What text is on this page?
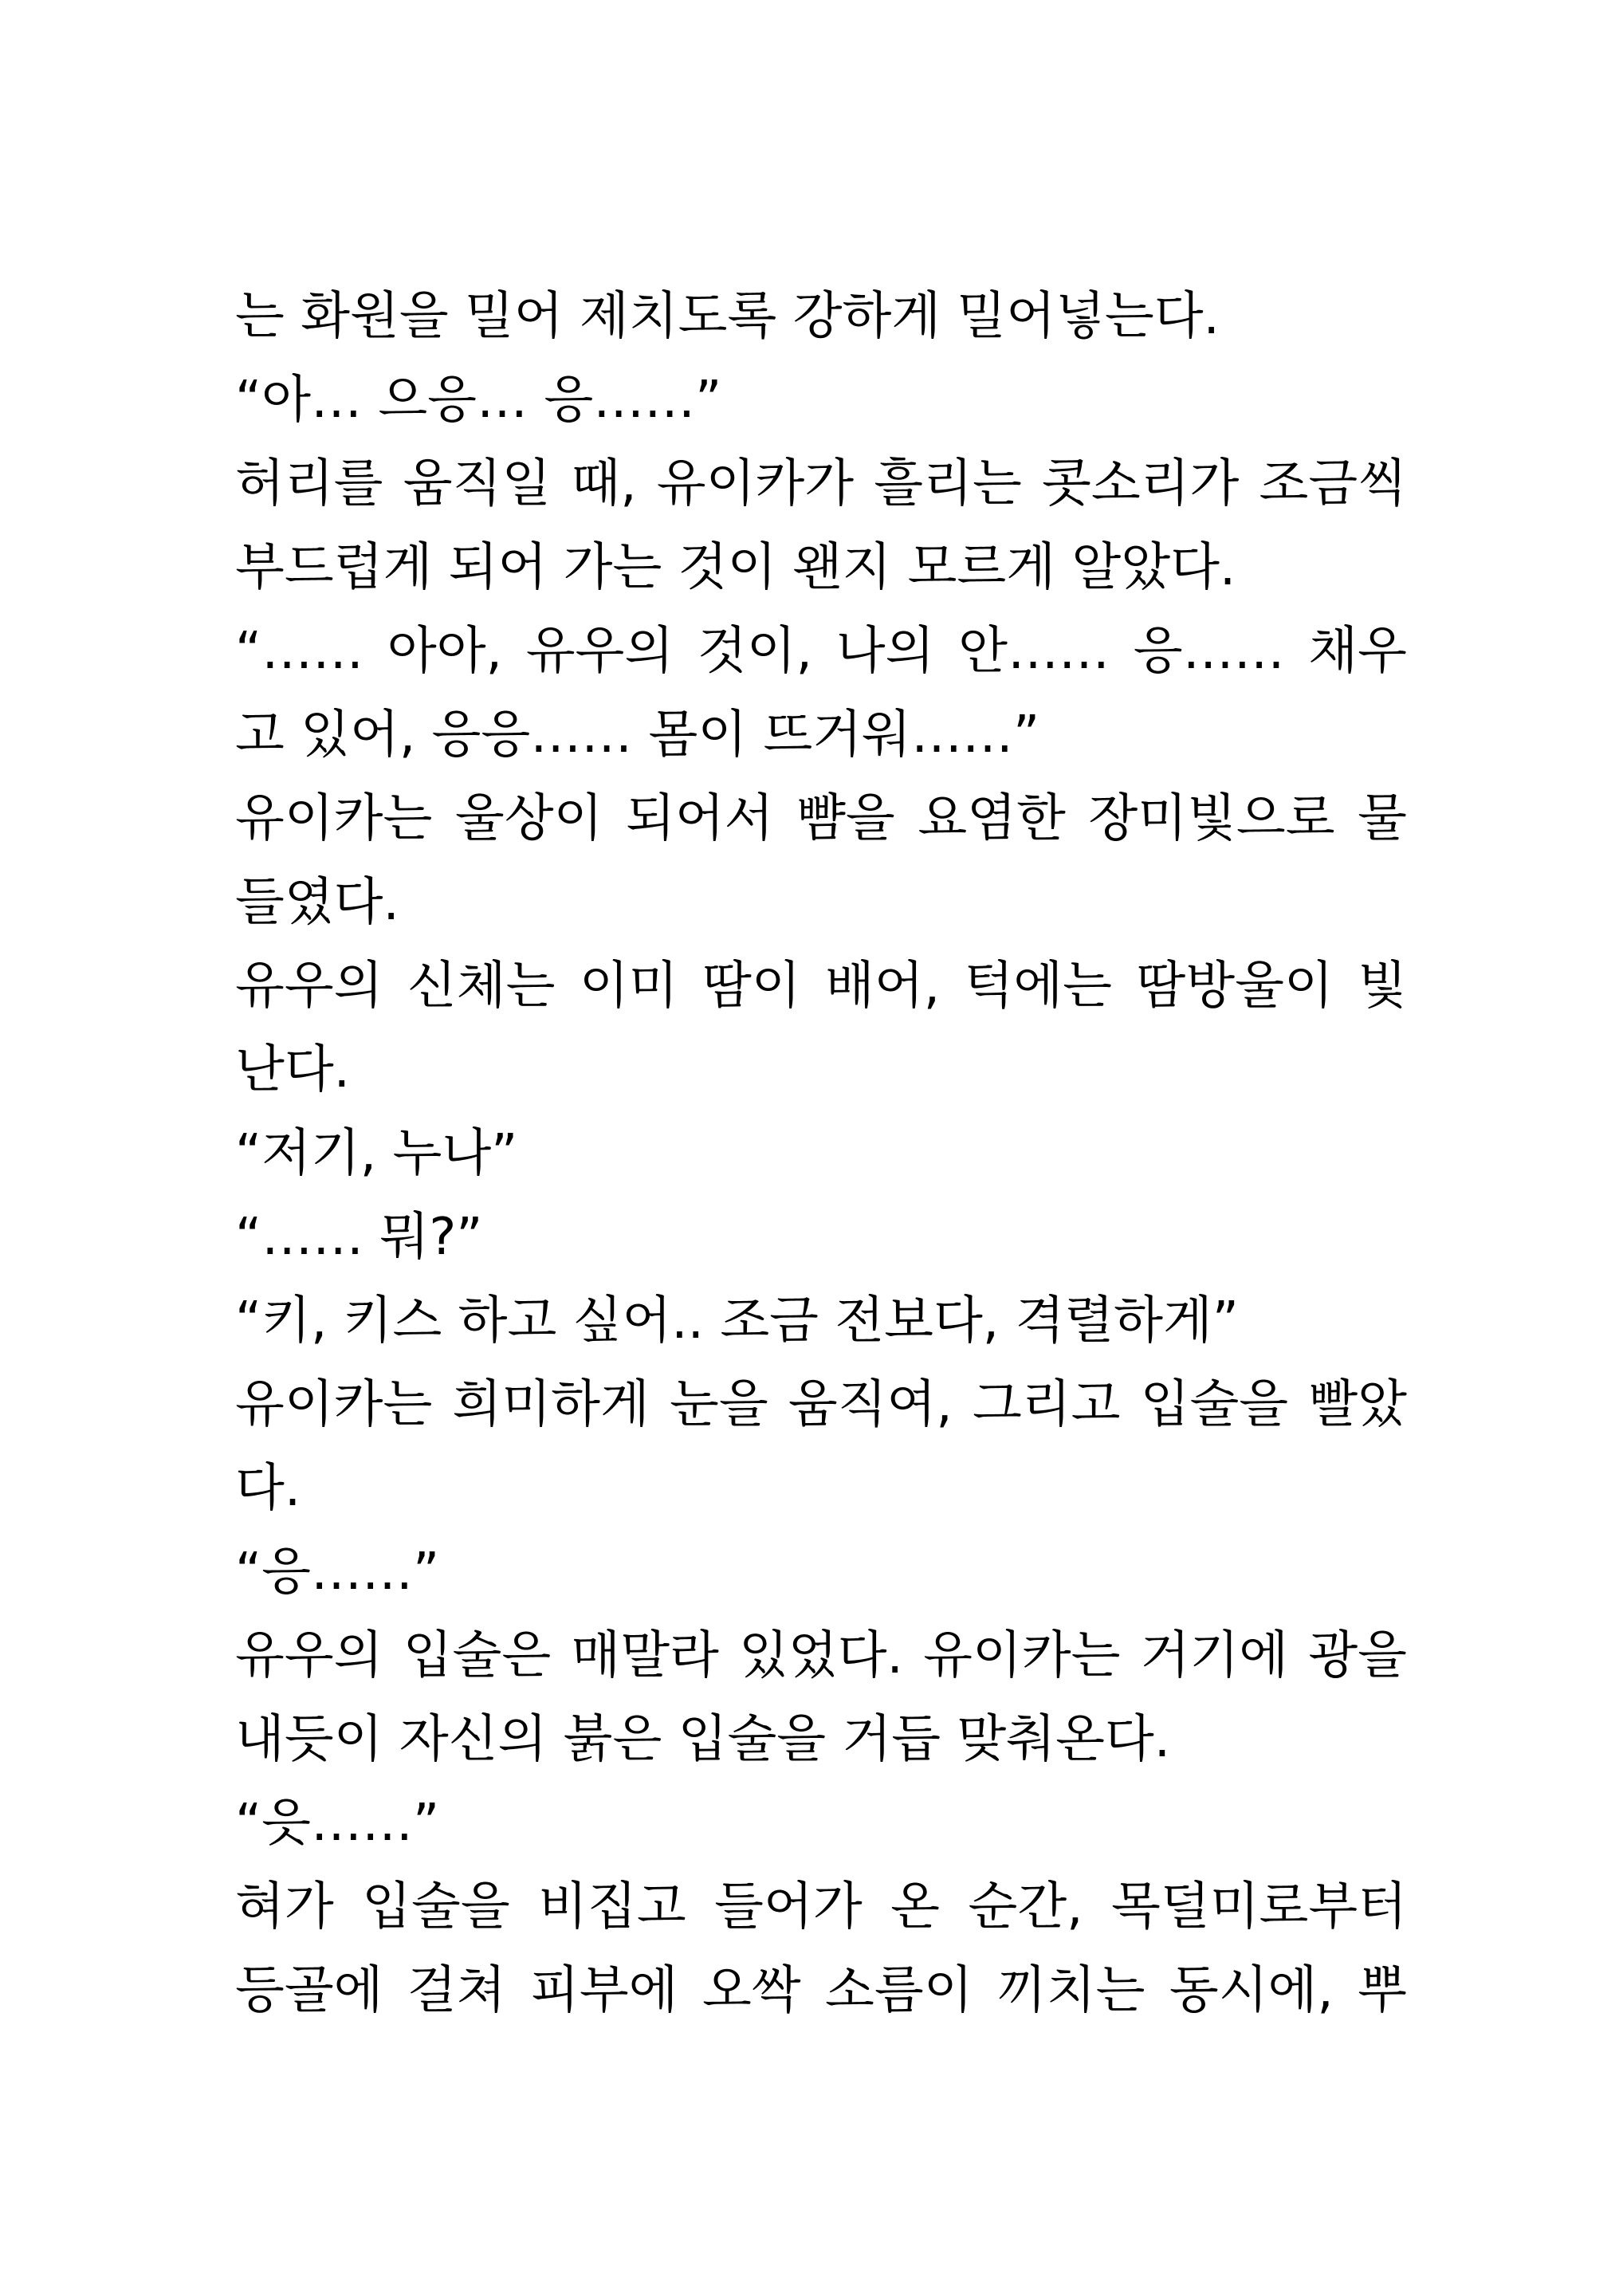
는 화원을 밀어 제치도록 강하게 밀어넣는다.
“아… 으응… 응……”
허리를 움직일 때, 유이카가 흘리는 콧소리가 조금씩
부드럽게 되어 가는 것이 왠지 모르게 알았다.
“…… 아아, 유우의 것이, 나의 안…… 응…… 채우
고 있어, 응응…… 몸이 뜨거워……”
유이카는 울상이 되어서 뺨을 요염한 장미빛으로 물
들였다.
유우의 신체는 이미 땀이 배어, 턱에는 땀방울이 빛
난다.
“저기, 누나”
“…… 뭐?”
“키, 키스 하고 싶어.. 조금 전보다, 격렬하게”
유이카는 희미하게 눈을 움직여, 그리고 입술을 빨았
다.
“응……”
유우의 입술은 매말라 있었다. 유이카는 거기에 광을
내듯이 자신의 붉은 입술을 거듭 맞춰온다.
“읏……”
혀가 입술을 비집고 들어가 온 순간, 목덜미로부터
등골에 걸쳐 피부에 오싹 소름이 끼치는 동시에, 뿌
